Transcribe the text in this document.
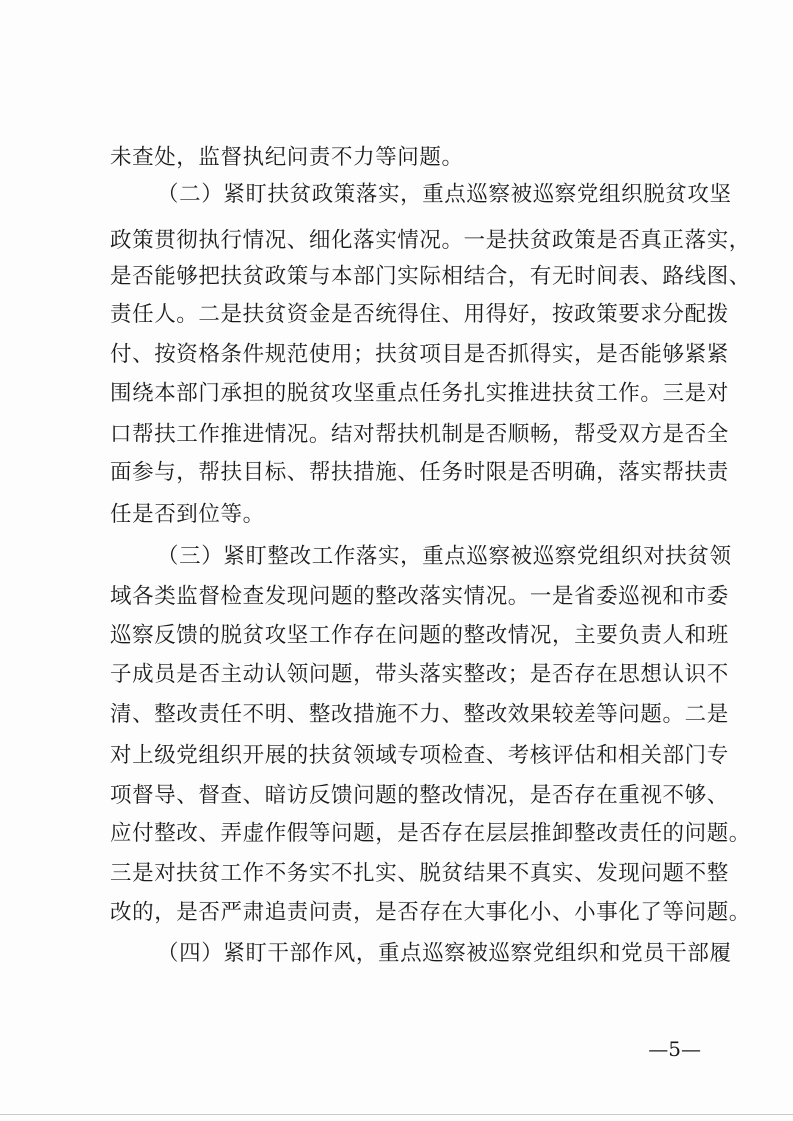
未查处，监督执纪问责不力等问题。
（二）紧盯扶贫政策落实，重点巡察被巡察党组织脱贫攻坚
政策贯彻执行情况、细化落实情况。一是扶贫政策是否真正落实，
是否能够把扶贫政策与本部门实际相结合，有无时间表、路线图、
责任人。二是扶贫资金是否统得住、用得好，按政策要求分配拨
付、按资格条件规范使用；扶贫项目是否抓得实，是否能够紧紧
围绕本部门承担的脱贫攻坚重点任务扎实推进扶贫工作。三是对
口帮扶工作推进情况。结对帮扶机制是否顺畅，帮受双方是否全
面参与，帮扶目标、帮扶措施、任务时限是否明确，落实帮扶责
任是否到位等。
（三）紧盯整改工作落实，重点巡察被巡察党组织对扶贫领
域各类监督检查发现问题的整改落实情况。一是省委巡视和市委
巡察反馈的脱贫攻坚工作存在问题的整改情况，主要负责人和班
子成员是否主动认领问题，带头落实整改；是否存在思想认识不
清、整改责任不明、整改措施不力、整改效果较差等问题。二是
对上级党组织开展的扶贫领域专项检查、考核评估和相关部门专
项督导、督查、暗访反馈问题的整改情况，是否存在重视不够、
应付整改、弄虚作假等问题，是否存在层层推卸整改责任的问题。
三是对扶贫工作不务实不扎实、脱贫结果不真实、发现问题不整
改的，是否严肃追责问责，是否存在大事化小、小事化了等问题。
（四）紧盯干部作风，重点巡察被巡察党组织和党员干部履
—5—
